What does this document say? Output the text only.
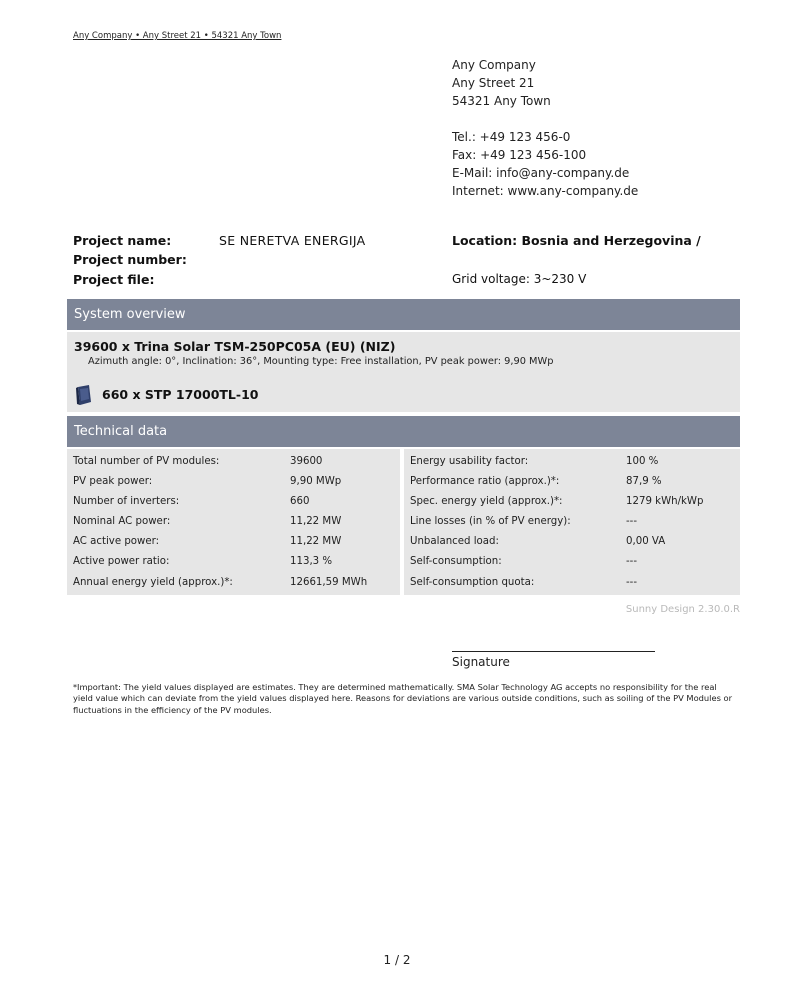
Any Company • Any Street 21 • 54321 Any Town
Any Company
Any Street 21
54321 Any Town
Tel.: +49 123 456-0
Fax: +49 123 456-100
E-Mail: info@any-company.de
Internet: www.any-company.de
Project name:	SE NERETVA ENERGIJA
Project number:
Project file:
Location: Bosnia and Herzegovina /
Grid voltage: 3~230 V
System overview
39600 x Trina Solar TSM-250PC05A (EU) (NIZ)
Azimuth angle: 0°, Inclination: 36°, Mounting type: Free installation, PV peak power: 9,90 MWp
660 x STP 17000TL-10
Technical data
Total number of PV modules:	39600
PV peak power:	9,90 MWp
Number of inverters:	660
Nominal AC power:	11,22 MW
AC active power:	11,22 MW
Active power ratio:	113,3 %
Annual energy yield (approx.)*:	12661,59 MWh
Energy usability factor:	100 %
Performance ratio (approx.)*:	87,9 %
Spec. energy yield (approx.)*:	1279 kWh/kWp
Line losses (in % of PV energy):	---
Unbalanced load:	0,00 VA
Self-consumption:	---
Self-consumption quota:	---
Sunny Design 2.30.0.R
Signature
*Important: The yield values displayed are estimates. They are determined mathematically. SMA Solar Technology AG accepts no responsibility for the real yield value which can deviate from the yield values displayed here. Reasons for deviations are various outside conditions, such as soiling of the PV Modules or fluctuations in the efficiency of the PV modules.
1 / 2
